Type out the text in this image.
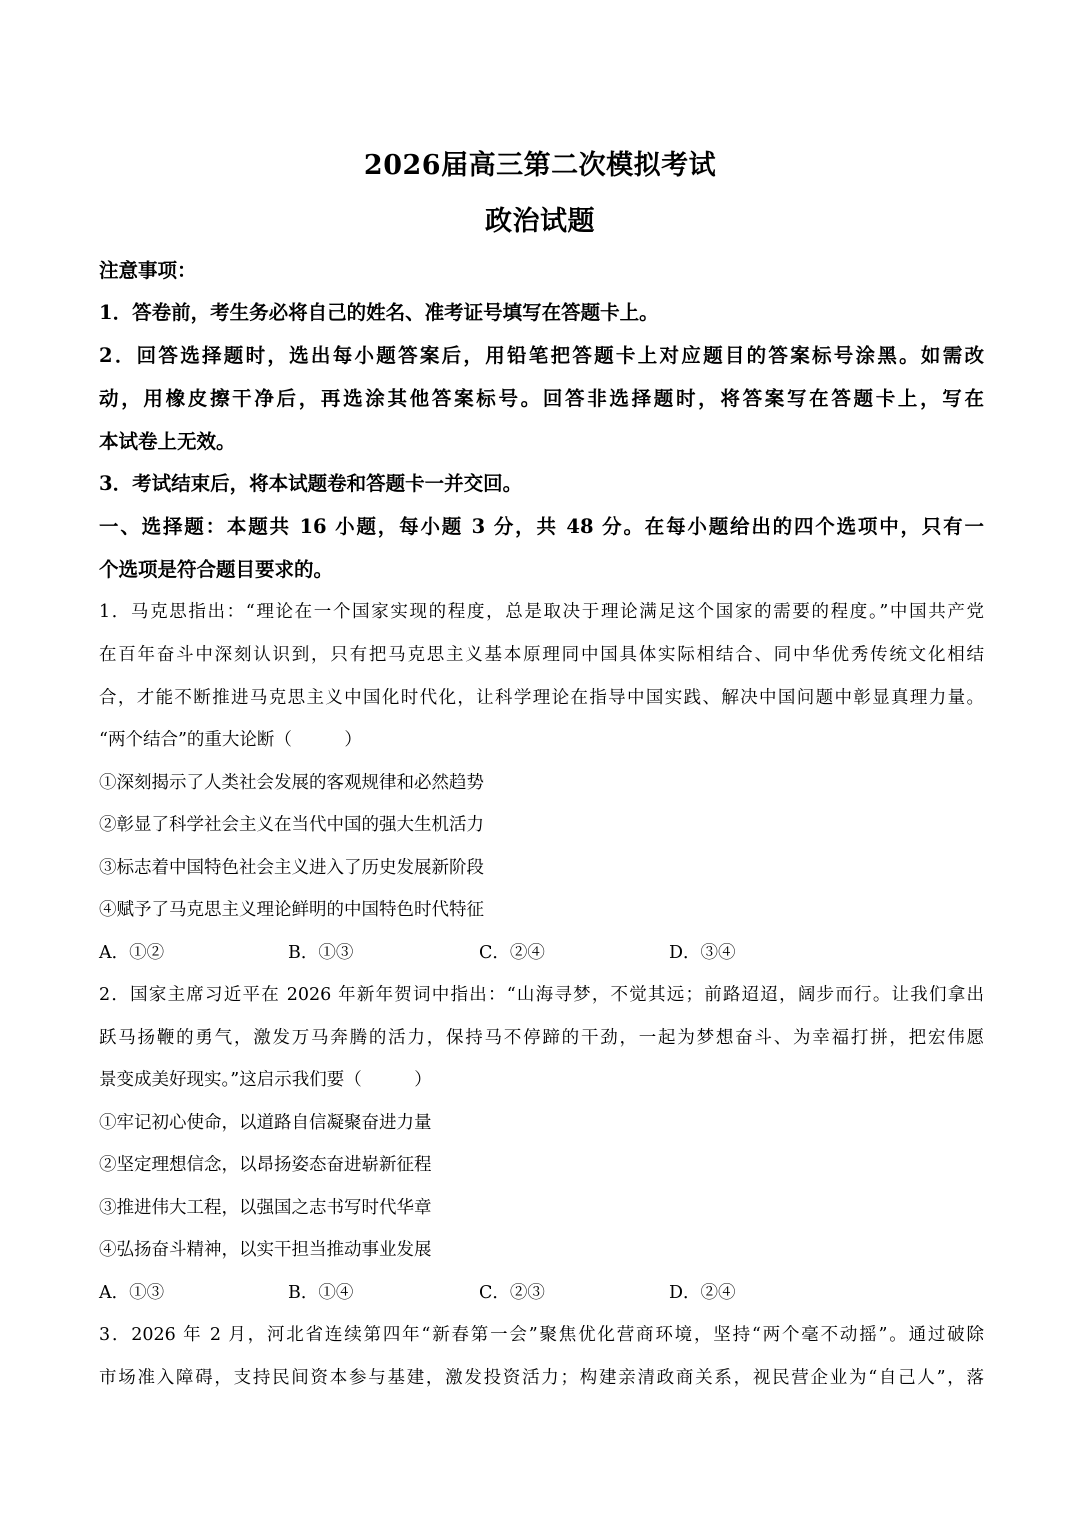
2026届高三第二次模拟考试
政治试题
注意事项：
1．答卷前，考生务必将自己的姓名、准考证号填写在答题卡上。
2．回答选择题时，选出每小题答案后，用铅笔把答题卡上对应题目的答案标号涂黑。如需改
动，用橡皮擦干净后，再选涂其他答案标号。回答非选择题时，将答案写在答题卡上，写在
本试卷上无效。
3．考试结束后，将本试题卷和答题卡一并交回。
一、选择题：本题共 16 小题，每小题 3 分，共 48 分。在每小题给出的四个选项中，只有一
个选项是符合题目要求的。
1．马克思指出：“理论在一个国家实现的程度，总是取决于理论满足这个国家的需要的程度。”中国共产党
在百年奋斗中深刻认识到，只有把马克思主义基本原理同中国具体实际相结合、同中华优秀传统文化相结
合，才能不断推进马克思主义中国化时代化，让科学理论在指导中国实践、解决中国问题中彰显真理力量。
“两个结合”的重大论断（　　　）
①深刻揭示了人类社会发展的客观规律和必然趋势
②彰显了科学社会主义在当代中国的强大生机活力
③标志着中国特色社会主义进入了历史发展新阶段
④赋予了马克思主义理论鲜明的中国特色时代特征
A．①②	B．①③	C．②④	D．③④
2．国家主席习近平在 2026 年新年贺词中指出：“山海寻梦，不觉其远；前路迢迢，阔步而行。让我们拿出
跃马扬鞭的勇气，激发万马奔腾的活力，保持马不停蹄的干劲，一起为梦想奋斗、为幸福打拼，把宏伟愿
景变成美好现实。”这启示我们要（　　　）
①牢记初心使命，以道路自信凝聚奋进力量
②坚定理想信念，以昂扬姿态奋进崭新征程
③推进伟大工程，以强国之志书写时代华章
④弘扬奋斗精神，以实干担当推动事业发展
A．①③	B．①④	C．②③	D．②④
3．2026 年 2 月，河北省连续第四年“新春第一会”聚焦优化营商环境，坚持“两个毫不动摇”。通过破除
市场准入障碍，支持民间资本参与基建，激发投资活力；构建亲清政商关系，视民营企业为“自己人”，落
